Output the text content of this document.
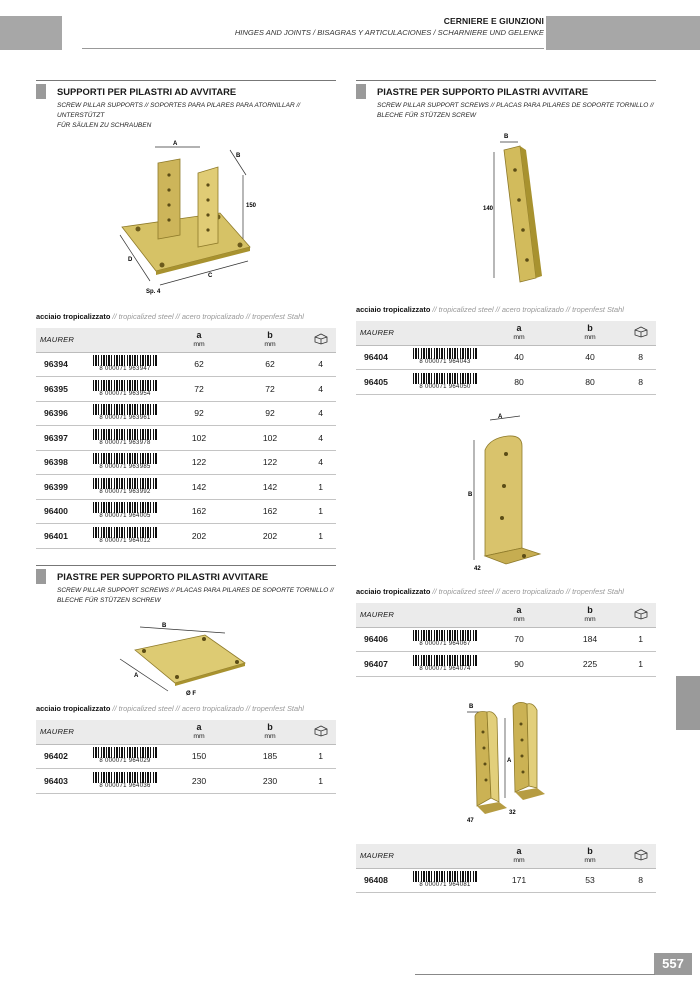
CERNIERE E GIUNZIONI
HINGES AND JOINTS / BISAGRAS Y ARTICULACIONES / SCHARNIERE UND GELENKE
SUPPORTI PER PILASTRI AD AVVITARE
SCREW PILLAR SUPPORTS // SOPORTES PARA PILARES PARA ATORNILLAR // UNTERSTÜTZT
FÜR SÄULEN ZU SCHRAUBEN
A
B
150
D
C
Sp. 4
acciaio tropicalizzato // tropicalized steel // acero tropicalizado // tropenfest Stahl
MAURER		a
mm	b
mm

96394	8 000071 963947	62	62	4
96395	8 000071 963954	72	72	4
96396	8 000071 963961	92	92	4
96397	8 000071 963978	102	102	4
96398	8 000071 963985	122	122	4
96399	8 000071 963992	142	142	1
96400	8 000071 964005	162	162	1
96401	8 000071 964012	202	202	1
PIASTRE PER SUPPORTO PILASTRI AVVITARE
SCREW PILLAR SUPPORT SCREWS // PLACAS PARA PILARES DE SOPORTE TORNILLO //
BLECHE FÜR STÜTZEN SCHREW
B
A
Ø F
acciaio tropicalizzato // tropicalized steel // acero tropicalizado // tropenfest Stahl
MAURER		a
mm	b
mm

96402	8 000071 964029	150	185	1
96403	8 000071 964036	230	230	1
PIASTRE PER SUPPORTO PILASTRI AVVITARE
SCREW PILLAR SUPPORT SCREWS // PLACAS PARA PILARES DE SOPORTE TORNILLO //
BLECHE FÜR STÜTZEN SCREW
B
140
acciaio tropicalizzato // tropicalized steel // acero tropicalizado // tropenfest Stahl
MAURER		a
mm	b
mm

96404	8 000071 964043	40	40	8
96405	8 000071 964050	80	80	8
A
B
42
acciaio tropicalizzato // tropicalized steel // acero tropicalizado // tropenfest Stahl
MAURER		a
mm	b
mm

96406	8 000071 964067	70	184	1
96407	8 000071 964074	90	225	1
B
A
47
32
MAURER		a
mm	b
mm

96408	8 000071 964081	171	53	8
557
